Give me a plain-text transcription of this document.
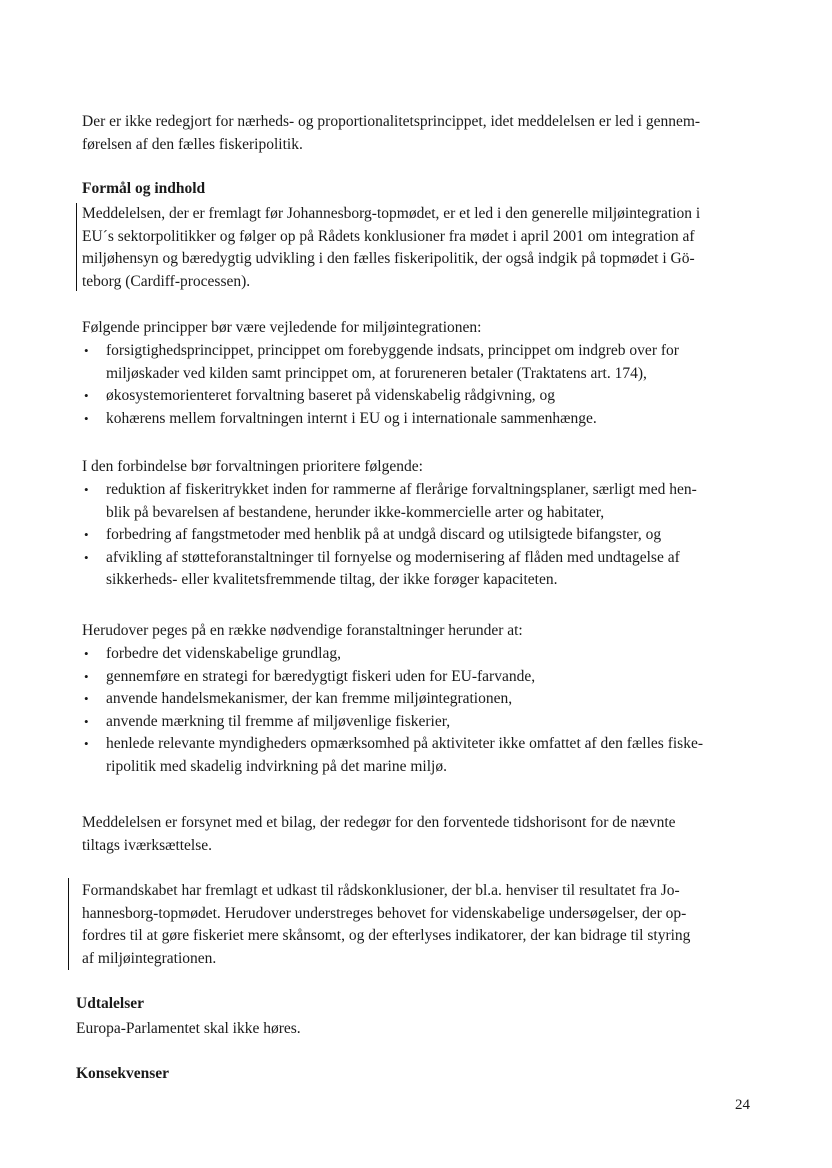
Der er ikke redegjort for nærheds- og proportionalitetsprincippet, idet meddelelsen er led i gennem-
førelsen af den fælles fiskeripolitik.

Formål og indhold

Meddelelsen, der er fremlagt før Johannesborg-topmødet, er et led i den generelle miljøintegration i
EU´s sektorpolitikker og følger op på Rådets konklusioner fra mødet i april 2001 om integration af
miljøhensyn og bæredygtig udvikling i den fælles fiskeripolitik, der også indgik på topmødet i Gö-
teborg (Cardiff-processen).

Følgende principper bør være vejledende for miljøintegrationen:

• forsigtighedsprincippet, princippet om forebyggende indsats, princippet om indgreb over for
miljøskader ved kilden samt princippet om, at forureneren betaler (Traktatens art. 174),
• økosystemorienteret forvaltning baseret på videnskabelig rådgivning, og
• kohærens mellem forvaltningen internt i EU og i internationale sammenhænge.

I den forbindelse bør forvaltningen prioritere følgende:

• reduktion af fiskeritrykket inden for rammerne af flerårige forvaltningsplaner, særligt med hen-
blik på bevarelsen af bestandene, herunder ikke-kommercielle arter og habitater,
• forbedring af fangstmetoder med henblik på at undgå discard og utilsigtede bifangster, og
• afvikling af støtteforanstaltninger til fornyelse og modernisering af flåden med undtagelse af
sikkerheds- eller kvalitetsfremmende tiltag, der ikke forøger kapaciteten.

Herudover peges på en række nødvendige foranstaltninger herunder at:

• forbedre det videnskabelige grundlag,
• gennemføre en strategi for bæredygtigt fiskeri uden for EU-farvande,
• anvende handelsmekanismer, der kan fremme miljøintegrationen,
• anvende mærkning til fremme af miljøvenlige fiskerier,
• henlede relevante myndigheders opmærksomhed på aktiviteter ikke omfattet af den fælles fiske-
ripolitik med skadelig indvirkning på det marine miljø.

Meddelelsen er forsynet med et bilag, der redegør for den forventede tidshorisont for de nævnte
tiltags iværksættelse.

Formandskabet har fremlagt et udkast til rådskonklusioner, der bl.a. henviser til resultatet fra Jo-
hannesborg-topmødet. Herudover understreges behovet for videnskabelige undersøgelser, der op-
fordres til at gøre fiskeriet mere skånsomt, og der efterlyses indikatorer, der kan bidrage til styring
af miljøintegrationen.

Udtalelser

Europa-Parlamentet skal ikke høres.

Konsekvenser

24
